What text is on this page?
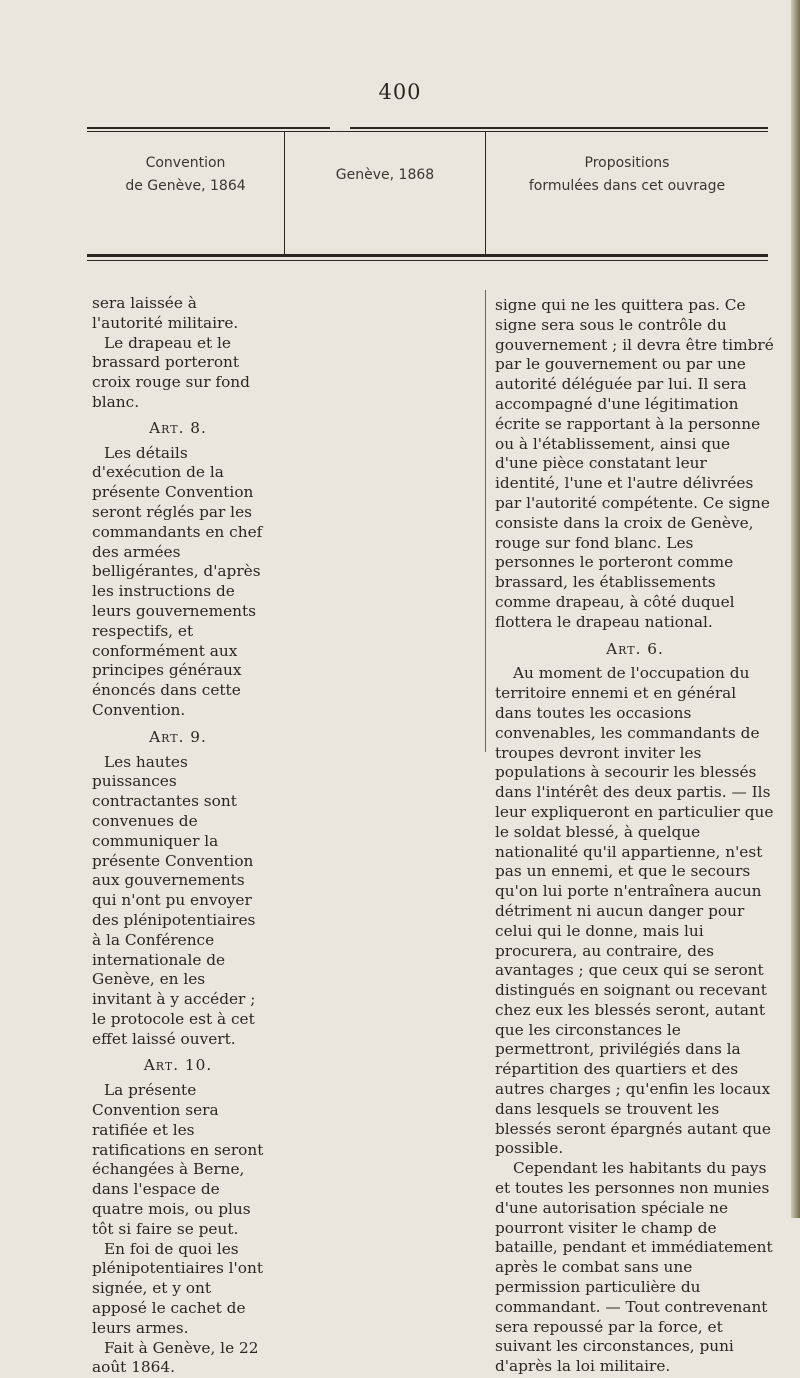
400
Convention
de Genève, 1864
Genève, 1868
Propositions
formulées dans cet ouvrage

sera laissée à l'autorité militaire.

Le drapeau et le brassard porteront croix rouge sur fond blanc.

Art. 8.

Les détails d'exécution de la présente Convention seront réglés par les commandants en chef des armées belligérantes, d'après les instructions de leurs gouvernements respectifs, et conformément aux principes généraux énoncés dans cette Convention.

Art. 9.

Les hautes puissances contractantes sont convenues de communiquer la présente Convention aux gouvernements qui n'ont pu envoyer des plénipotentiaires à la Conférence internationale de Genève, en les invitant à y accéder ; le protocole est à cet effet laissé ouvert.

Art. 10.

La présente Convention sera ratifiée et les ratifications en seront échangées à Berne, dans l'espace de quatre mois, ou plus tôt si faire se peut.

En foi de quoi les plénipotentiaires l'ont signée, et y ont apposé le cachet de leurs armes.

Fait à Genève, le 22 août 1864.

signe qui ne les quittera pas. Ce signe sera sous le contrôle du gouvernement ; il devra être timbré par le gouvernement ou par une autorité déléguée par lui. Il sera accompagné d'une légitimation écrite se rapportant à la personne ou à l'établissement, ainsi que d'une pièce constatant leur identité, l'une et l'autre délivrées par l'autorité compétente. Ce signe consiste dans la croix de Genève, rouge sur fond blanc. Les personnes le porteront comme brassard, les établissements comme drapeau, à côté duquel flottera le drapeau national.

Art. 6.

Au moment de l'occupation du territoire ennemi et en général dans toutes les occasions convenables, les commandants de troupes devront inviter les populations à secourir les blessés dans l'intérêt des deux partis. — Ils leur expliqueront en particulier que le soldat blessé, à quelque nationalité qu'il appartienne, n'est pas un ennemi, et que le secours qu'on lui porte n'entraînera aucun détriment ni aucun danger pour celui qui le donne, mais lui procurera, au contraire, des avantages ; que ceux qui se seront distingués en soignant ou recevant chez eux les blessés seront, autant que les circonstances le permettront, privilégiés dans la répartition des quartiers et des autres charges ; qu'enfin les locaux dans lesquels se trouvent les blessés seront épargnés autant que possible.

Cependant les habitants du pays et toutes les personnes non munies d'une autorisation spéciale ne pourront visiter le champ de bataille, pendant et immédiatement après le combat sans une permission particulière du commandant. — Tout contrevenant sera repoussé par la force, et suivant les circonstances, puni d'après la loi militaire.
